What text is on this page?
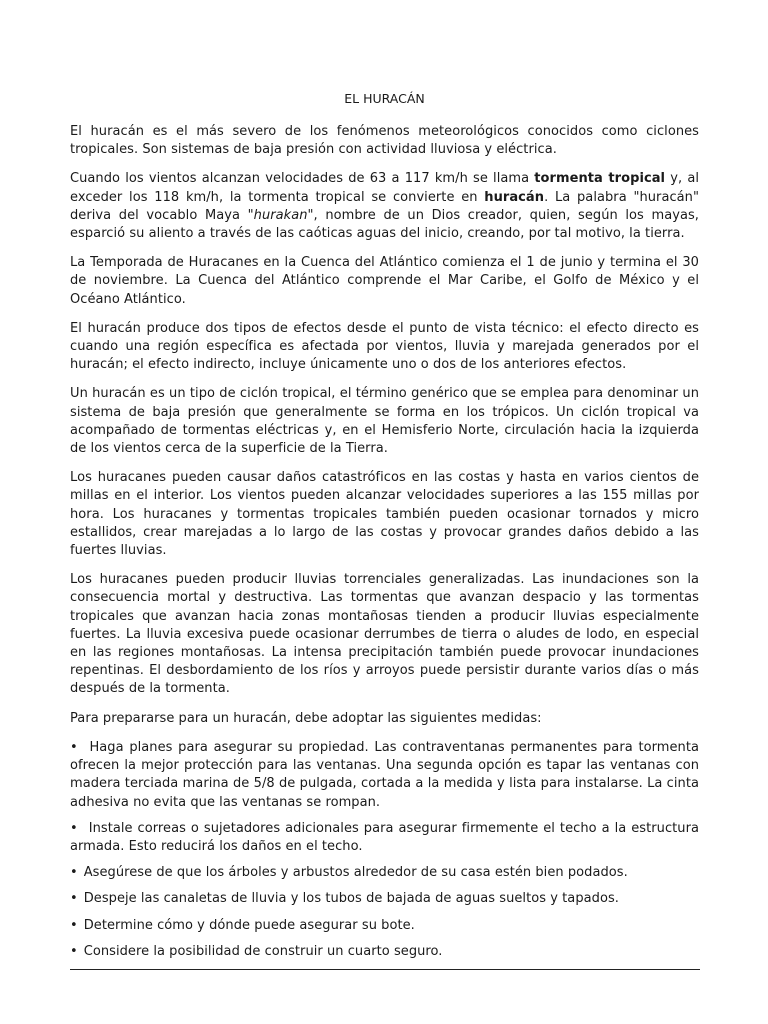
EL HURACÁN

El huracán es el más severo de los fenómenos meteorológicos conocidos como ciclones tropicales. Son sistemas de baja presión con actividad lluviosa y eléctrica.

Cuando los vientos alcanzan velocidades de 63 a 117 km/h se llama tormenta tropical y, al exceder los 118 km/h, la tormenta tropical se convierte en huracán. La palabra "huracán" deriva del vocablo Maya "hurakan", nombre de un Dios creador, quien, según los mayas, esparció su aliento a través de las caóticas aguas del inicio, creando, por tal motivo, la tierra.

La Temporada de Huracanes en la Cuenca del Atlántico comienza el 1 de junio y termina el 30 de noviembre. La Cuenca del Atlántico comprende el Mar Caribe, el Golfo de México y el Océano Atlántico.

El huracán produce dos tipos de efectos desde el punto de vista técnico: el efecto directo es cuando una región específica es afectada por vientos, lluvia y marejada generados por el huracán; el efecto indirecto, incluye únicamente uno o dos de los anteriores efectos.

Un huracán es un tipo de ciclón tropical, el término genérico que se emplea para denominar un sistema de baja presión que generalmente se forma en los trópicos. Un ciclón tropical va acompañado de tormentas eléctricas y, en el Hemisferio Norte, circulación hacia la izquierda de los vientos cerca de la superficie de la Tierra.

Los huracanes pueden causar daños catastróficos en las costas y hasta en varios cientos de millas en el interior. Los vientos pueden alcanzar velocidades superiores a las 155 millas por hora. Los huracanes y tormentas tropicales también pueden ocasionar tornados y micro estallidos, crear marejadas a lo largo de las costas y provocar grandes daños debido a las fuertes lluvias.

Los huracanes pueden producir lluvias torrenciales generalizadas. Las inundaciones son la consecuencia mortal y destructiva. Las tormentas que avanzan despacio y las tormentas tropicales que avanzan hacia zonas montañosas tienden a producir lluvias especialmente fuertes. La lluvia excesiva puede ocasionar derrumbes de tierra o aludes de lodo, en especial en las regiones montañosas. La intensa precipitación también puede provocar inundaciones repentinas. El desbordamiento de los ríos y arroyos puede persistir durante varios días o más después de la tormenta.

Para prepararse para un huracán, debe adoptar las siguientes medidas:

• Haga planes para asegurar su propiedad. Las contraventanas permanentes para tormenta ofrecen la mejor protección para las ventanas. Una segunda opción es tapar las ventanas con madera terciada marina de 5/8 de pulgada, cortada a la medida y lista para instalarse. La cinta adhesiva no evita que las ventanas se rompan.

• Instale correas o sujetadores adicionales para asegurar firmemente el techo a la estructura armada. Esto reducirá los daños en el techo.

• Asegúrese de que los árboles y arbustos alrededor de su casa estén bien podados.

• Despeje las canaletas de lluvia y los tubos de bajada de aguas sueltos y tapados.

• Determine cómo y dónde puede asegurar su bote.

• Considere la posibilidad de construir un cuarto seguro.
